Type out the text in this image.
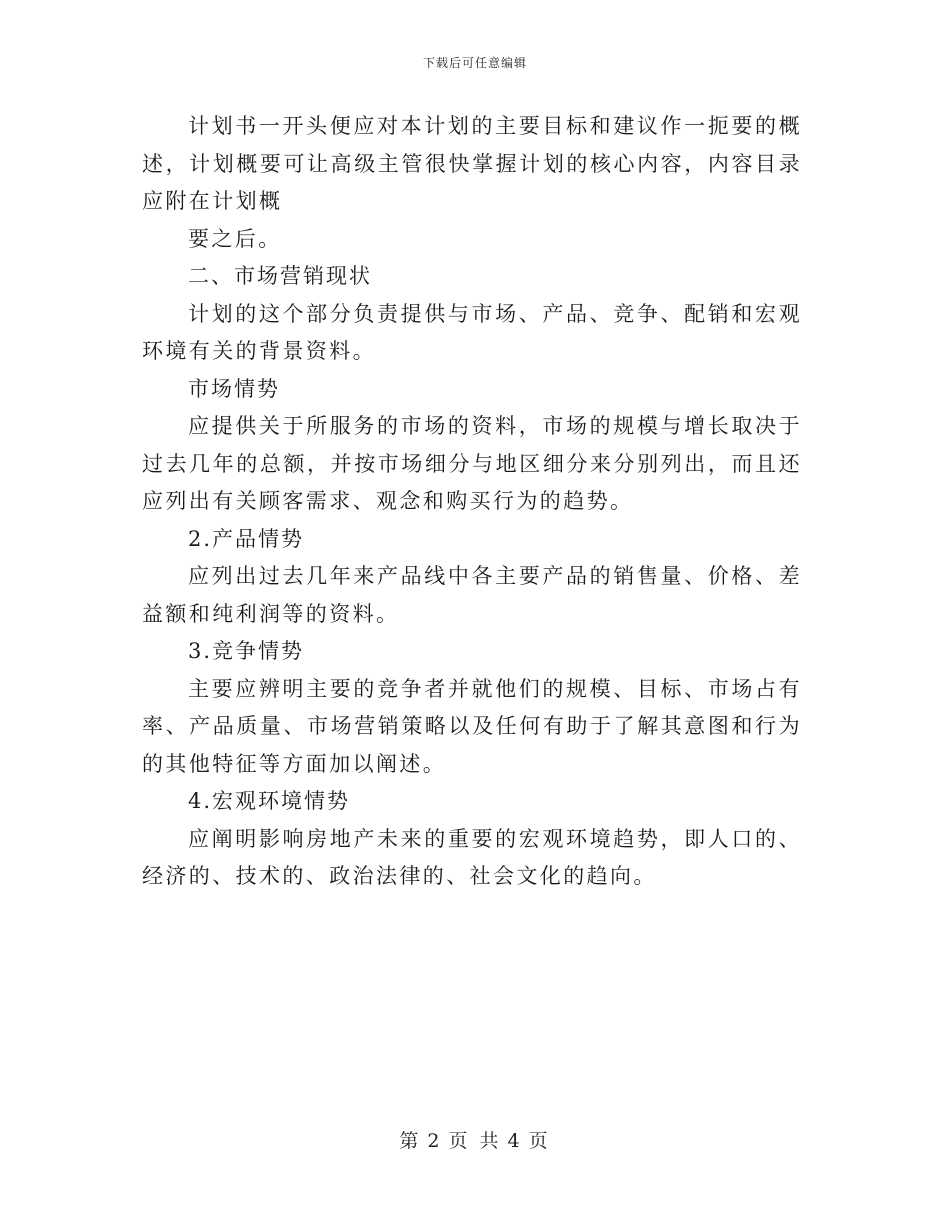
下载后可任意编辑

计划书一开头便应对本计划的主要目标和建议作一扼要的概述，计划概要可让高级主管很快掌握计划的核心内容，内容目录应附在计划概

要之后。

二、市场营销现状

计划的这个部分负责提供与市场、产品、竞争、配销和宏观环境有关的背景资料。

市场情势

应提供关于所服务的市场的资料，市场的规模与增长取决于过去几年的总额，并按市场细分与地区细分来分别列出，而且还应列出有关顾客需求、观念和购买行为的趋势。

2.产品情势

应列出过去几年来产品线中各主要产品的销售量、价格、差益额和纯利润等的资料。

3.竞争情势

主要应辨明主要的竞争者并就他们的规模、目标、市场占有率、产品质量、市场营销策略以及任何有助于了解其意图和行为的其他特征等方面加以阐述。

4.宏观环境情势

应阐明影响房地产未来的重要的宏观环境趋势，即人口的、经济的、技术的、政治法律的、社会文化的趋向。

第 2 页 共 4 页
